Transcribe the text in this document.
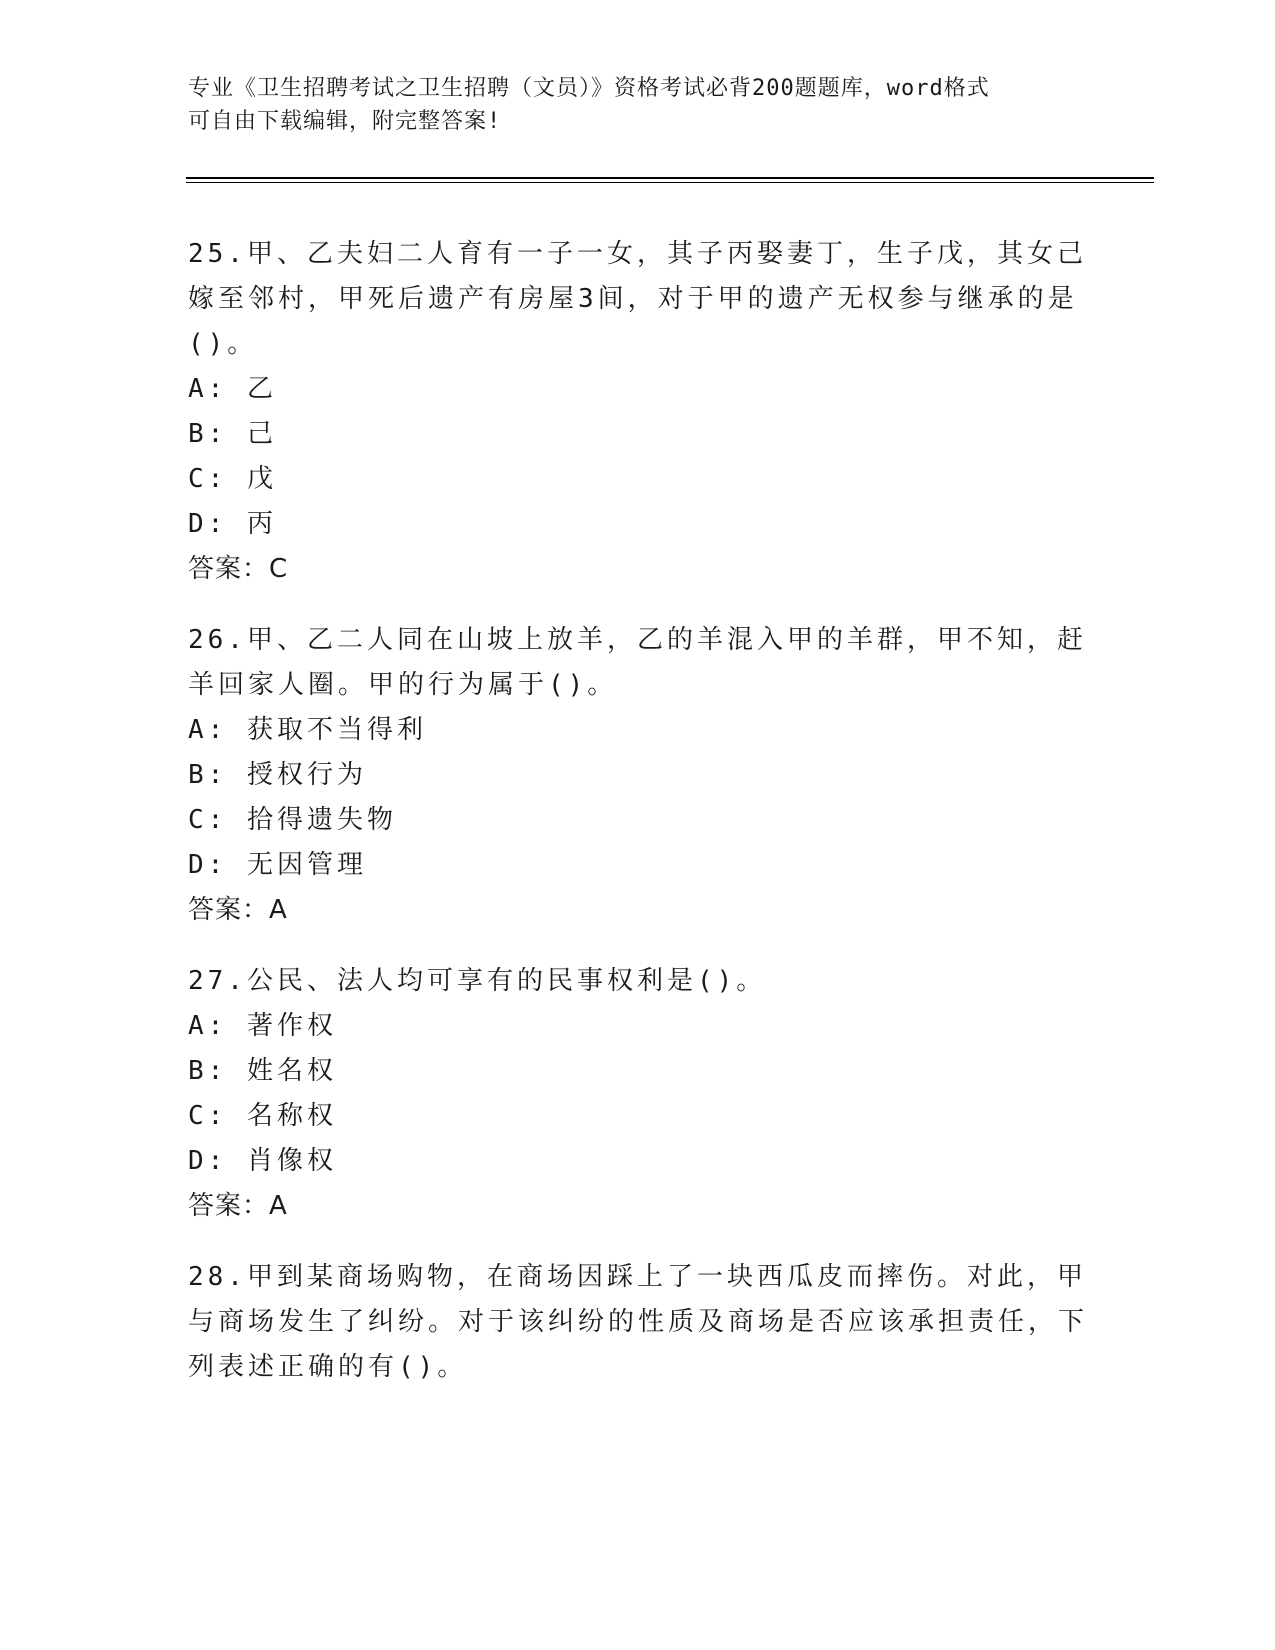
专业《卫生招聘考试之卫生招聘（文员）》资格考试必背200题题库，word格式
可自由下载编辑，附完整答案!
25.甲、乙夫妇二人育有一子一女，其子丙娶妻丁，生子戊，其女己嫁至邻村，甲死后遗产有房屋3间，对于甲的遗产无权参与继承的是()。
A: 乙
B: 己
C: 戊
D: 丙
答案：C
26.甲、乙二人同在山坡上放羊，乙的羊混入甲的羊群，甲不知，赶羊回家人圈。甲的行为属于()。
A: 获取不当得利
B: 授权行为
C: 拾得遗失物
D: 无因管理
答案：A
27.公民、法人均可享有的民事权利是()。
A: 著作权
B: 姓名权
C: 名称权
D: 肖像权
答案：A
28.甲到某商场购物，在商场因踩上了一块西瓜皮而摔伤。对此，甲与商场发生了纠纷。对于该纠纷的性质及商场是否应该承担责任，下列表述正确的有()。
